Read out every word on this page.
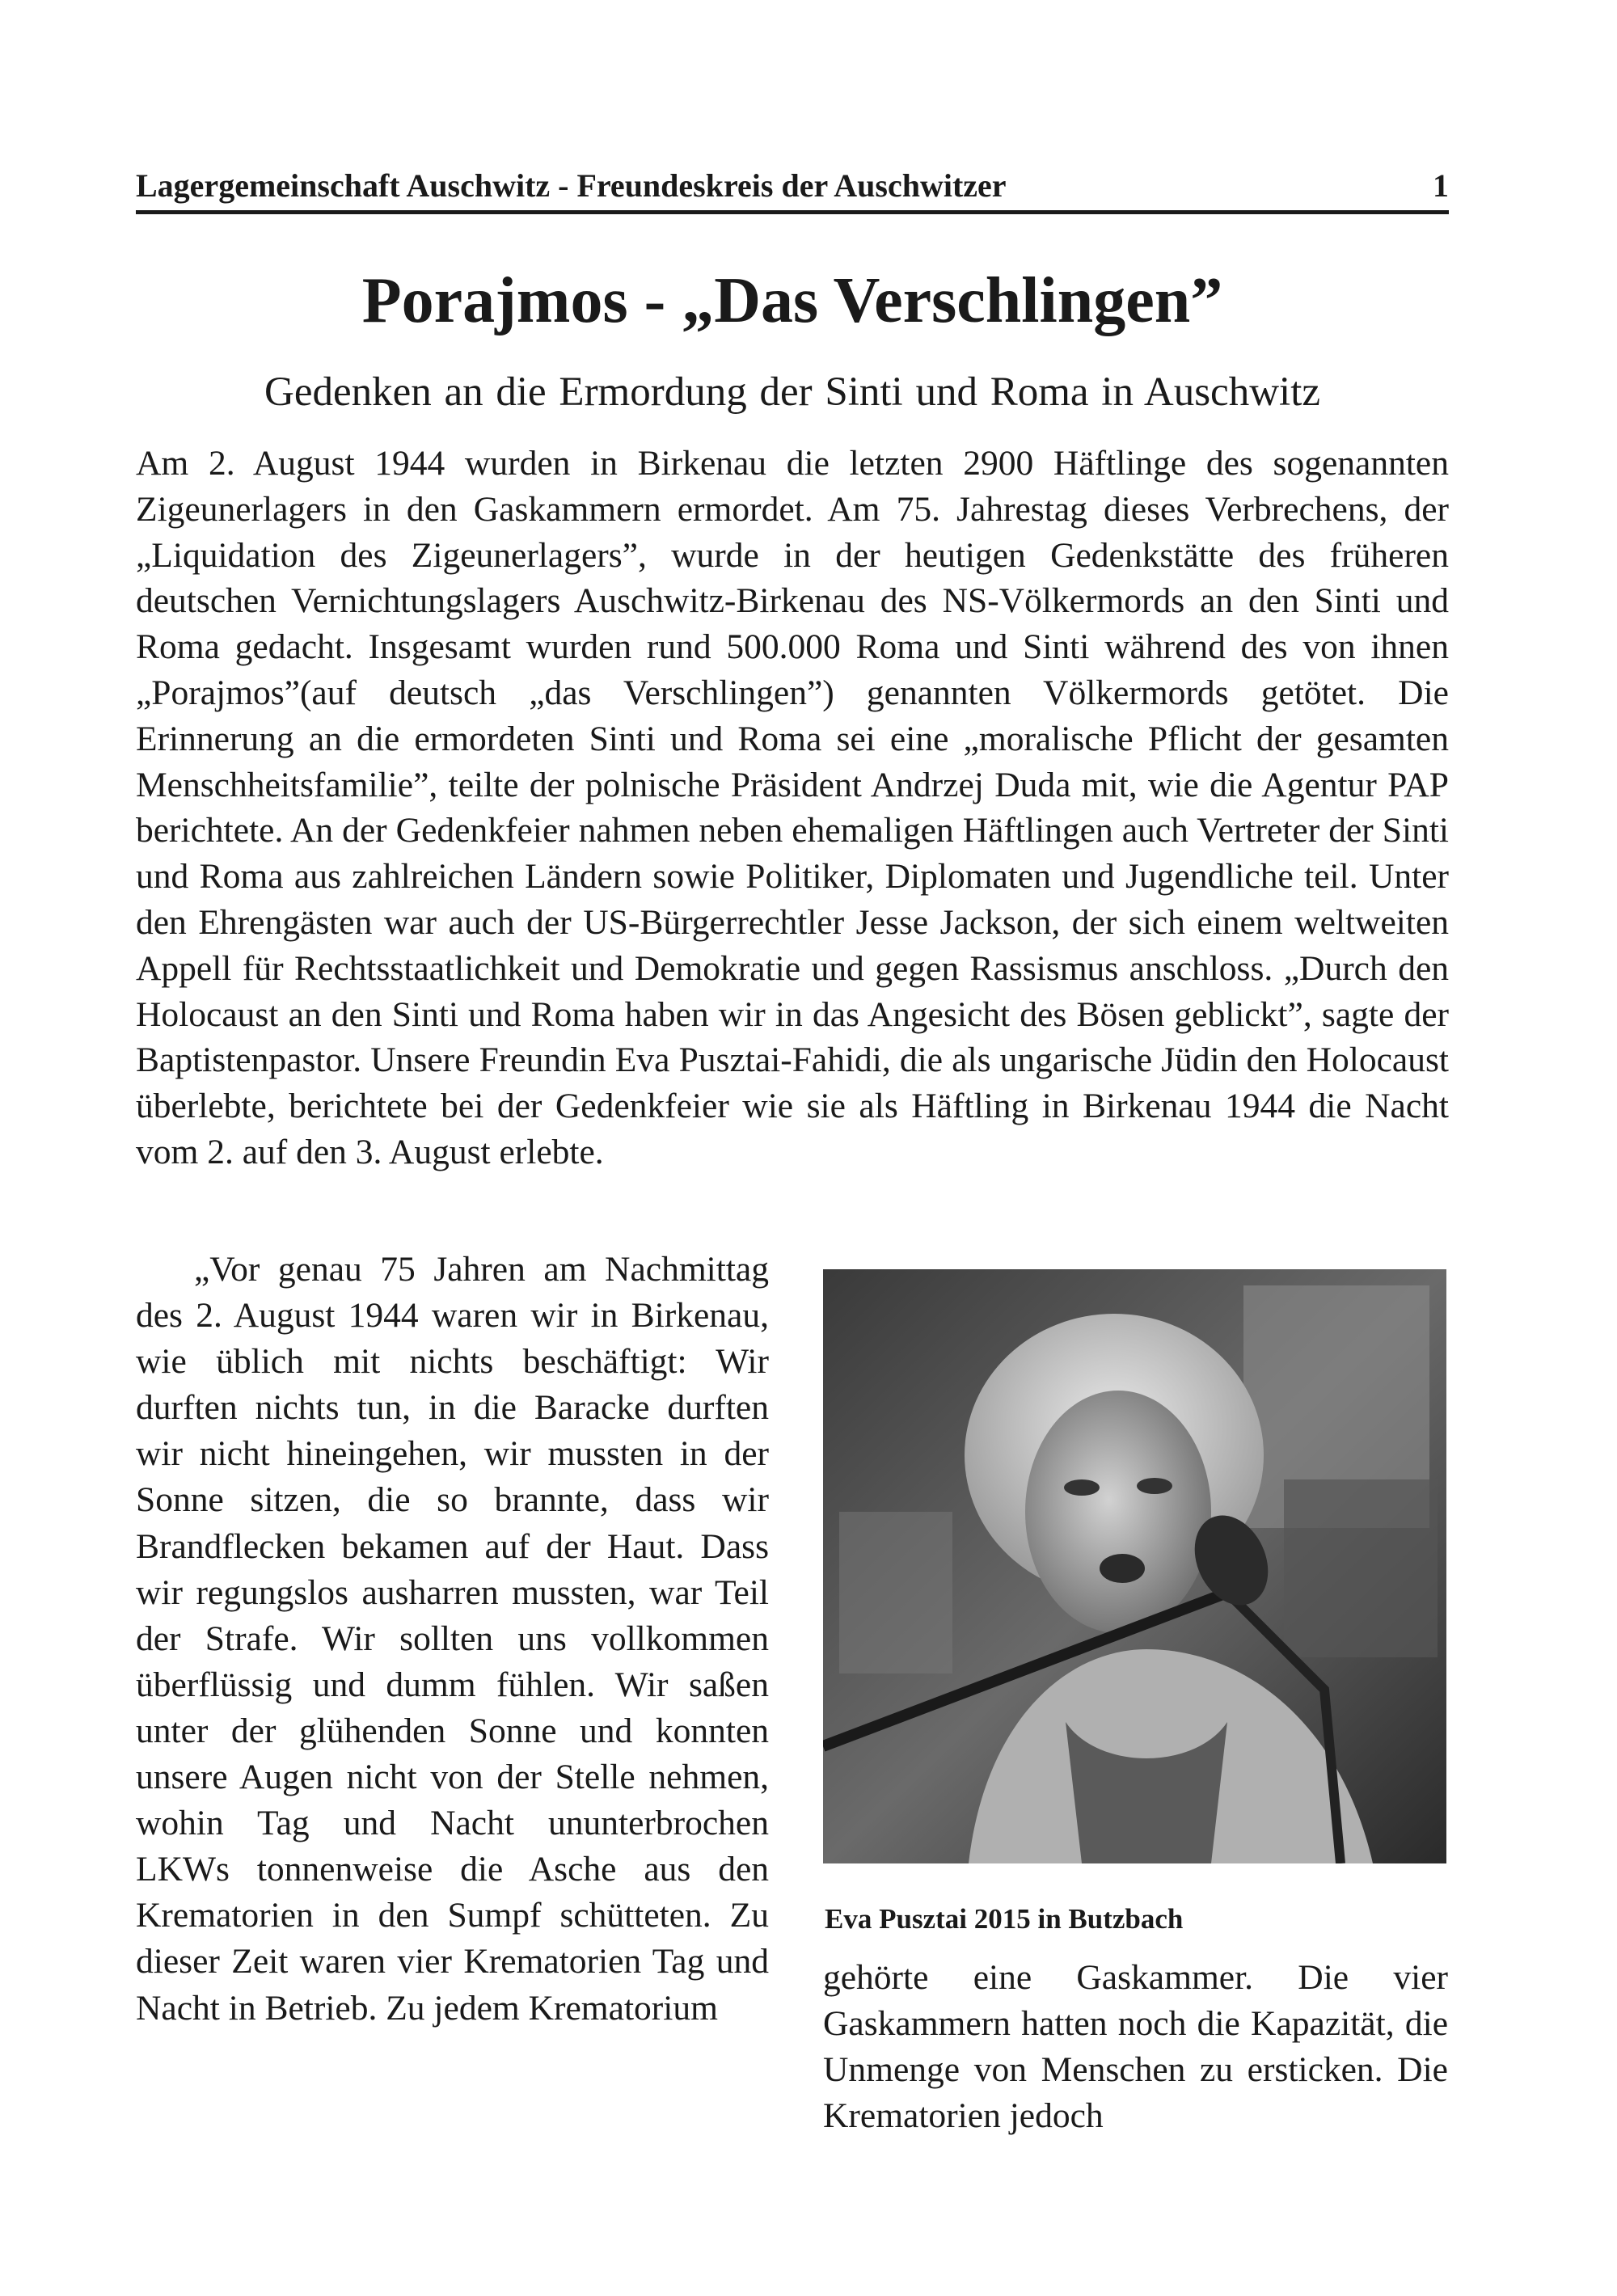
Lagergemeinschaft Auschwitz - Freundeskreis der Auschwitzer	1
Porajmos - „Das Verschlingen”
Gedenken an die Ermordung der Sinti und Roma in Auschwitz

Am 2. August 1944 wurden in Birkenau die letzten 2900 Häftlinge des sogenannten Zigeunerlagers in den Gaskammern ermordet. Am 75. Jahrestag dieses Verbrechens, der „Liquidation des Zigeunerlagers”, wurde in der heutigen Gedenkstätte des früheren deutschen Vernichtungslagers Auschwitz-Birkenau des NS-Völkermords an den Sinti und Roma gedacht. Insgesamt wurden rund 500.000 Roma und Sinti während des von ihnen „Porajmos”(auf deutsch „das Verschlingen”) genannten Völkermords getötet. Die Erinnerung an die ermordeten Sinti und Roma sei eine „moralische Pflicht der gesamten Menschheitsfamilie”, teilte der polnische Präsident Andrzej Duda mit, wie die Agentur PAP berichtete. An der Gedenkfeier nahmen neben ehemaligen Häftlingen auch Vertreter der Sinti und Roma aus zahlreichen Ländern sowie Politiker, Diplomaten und Jugendliche teil. Unter den Ehrengästen war auch der US-Bürgerrechtler Jesse Jackson, der sich einem weltweiten Appell für Rechtsstaatlichkeit und Demokratie und gegen Rassismus anschloss. „Durch den Holocaust an den Sinti und Roma haben wir in das Angesicht des Bösen geblickt”, sagte der Baptistenpastor. Unsere Freundin Eva Pusztai-Fahidi, die als ungarische Jüdin den Holocaust überlebte, berichtete bei der Gedenkfeier wie sie als Häftling in Birkenau 1944 die Nacht vom 2. auf den 3. August erlebte.

„Vor genau 75 Jahren am Nachmittag des 2. August 1944 waren wir in Birkenau, wie üblich mit nichts beschäftigt: Wir durften nichts tun, in die Baracke durften wir nicht hineingehen, wir mussten in der Sonne sitzen, die so brannte, dass wir Brandflecken bekamen auf der Haut. Dass wir regungslos ausharren mussten, war Teil der Strafe. Wir sollten uns vollkommen überflüssig und dumm fühlen. Wir saßen unter der glühenden Sonne und konnten unsere Augen nicht von der Stelle nehmen, wohin Tag und Nacht ununterbrochen LKWs tonnenweise die Asche aus den Krematorien in den Sumpf schütteten. Zu dieser Zeit waren vier Krematorien Tag und Nacht in Betrieb. Zu jedem Krematorium

Eva Pusztai 2015 in Butzbach

gehörte eine Gaskammer. Die vier Gaskammern hatten noch die Kapazität, die Unmenge von Menschen zu ersticken. Die Krematorien jedoch
